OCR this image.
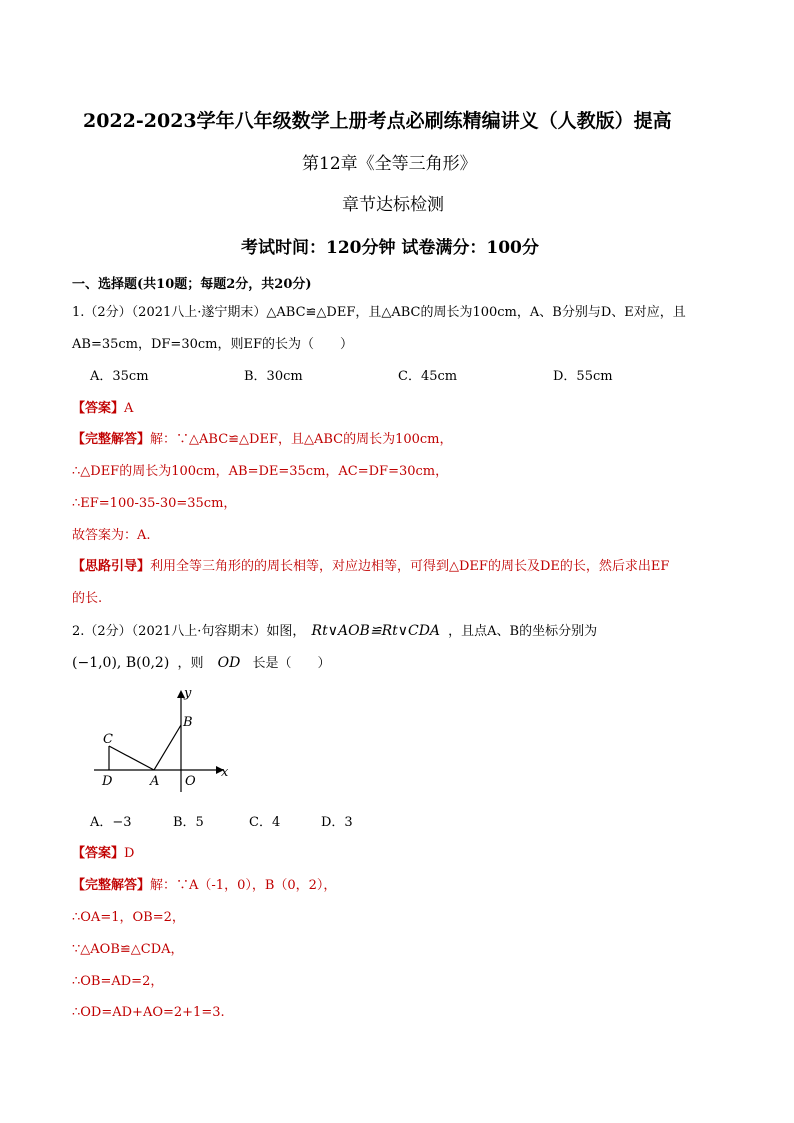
2022-2023学年八年级数学上册考点必刷练精编讲义（人教版）提高
第12章《全等三角形》
章节达标检测
考试时间：120分钟 试卷满分：100分
一、选择题(共10题；每题2分，共20分)
1.（2分）（2021八上·遂宁期末）△ABC≌△DEF，且△ABC的周长为100cm，A、B分别与D、E对应，且
AB=35cm，DF=30cm，则EF的长为（　　）
A．35cm	B．30cm	C．45cm	D．55cm
【答案】A
【完整解答】解：∵△ABC≌△DEF，且△ABC的周长为100cm，
∴△DEF的周长为100cm，AB=DE=35cm，AC=DF=30cm，
∴EF=100-35-30=35cm，
故答案为：A.
【思路引导】利用全等三角形的的周长相等，对应边相等，可得到△DEF的周长及DE的长，然后求出EF
的长.
2.（2分）（2021八上·句容期末）如图， Rt∨AOB≌Rt∨CDA ，且点A、B的坐标分别为
(−1,0), B(0,2) ，则 OD 长是（　　）
y
x
B
C
D	A O
A．−3	B．5	C．4	D．3
【答案】D
【完整解答】解：∵A（-1，0），B（0，2），
∴OA=1，OB=2，
∵△AOB≌△CDA，
∴OB=AD=2，
∴OD=AD+AO=2+1=3.
